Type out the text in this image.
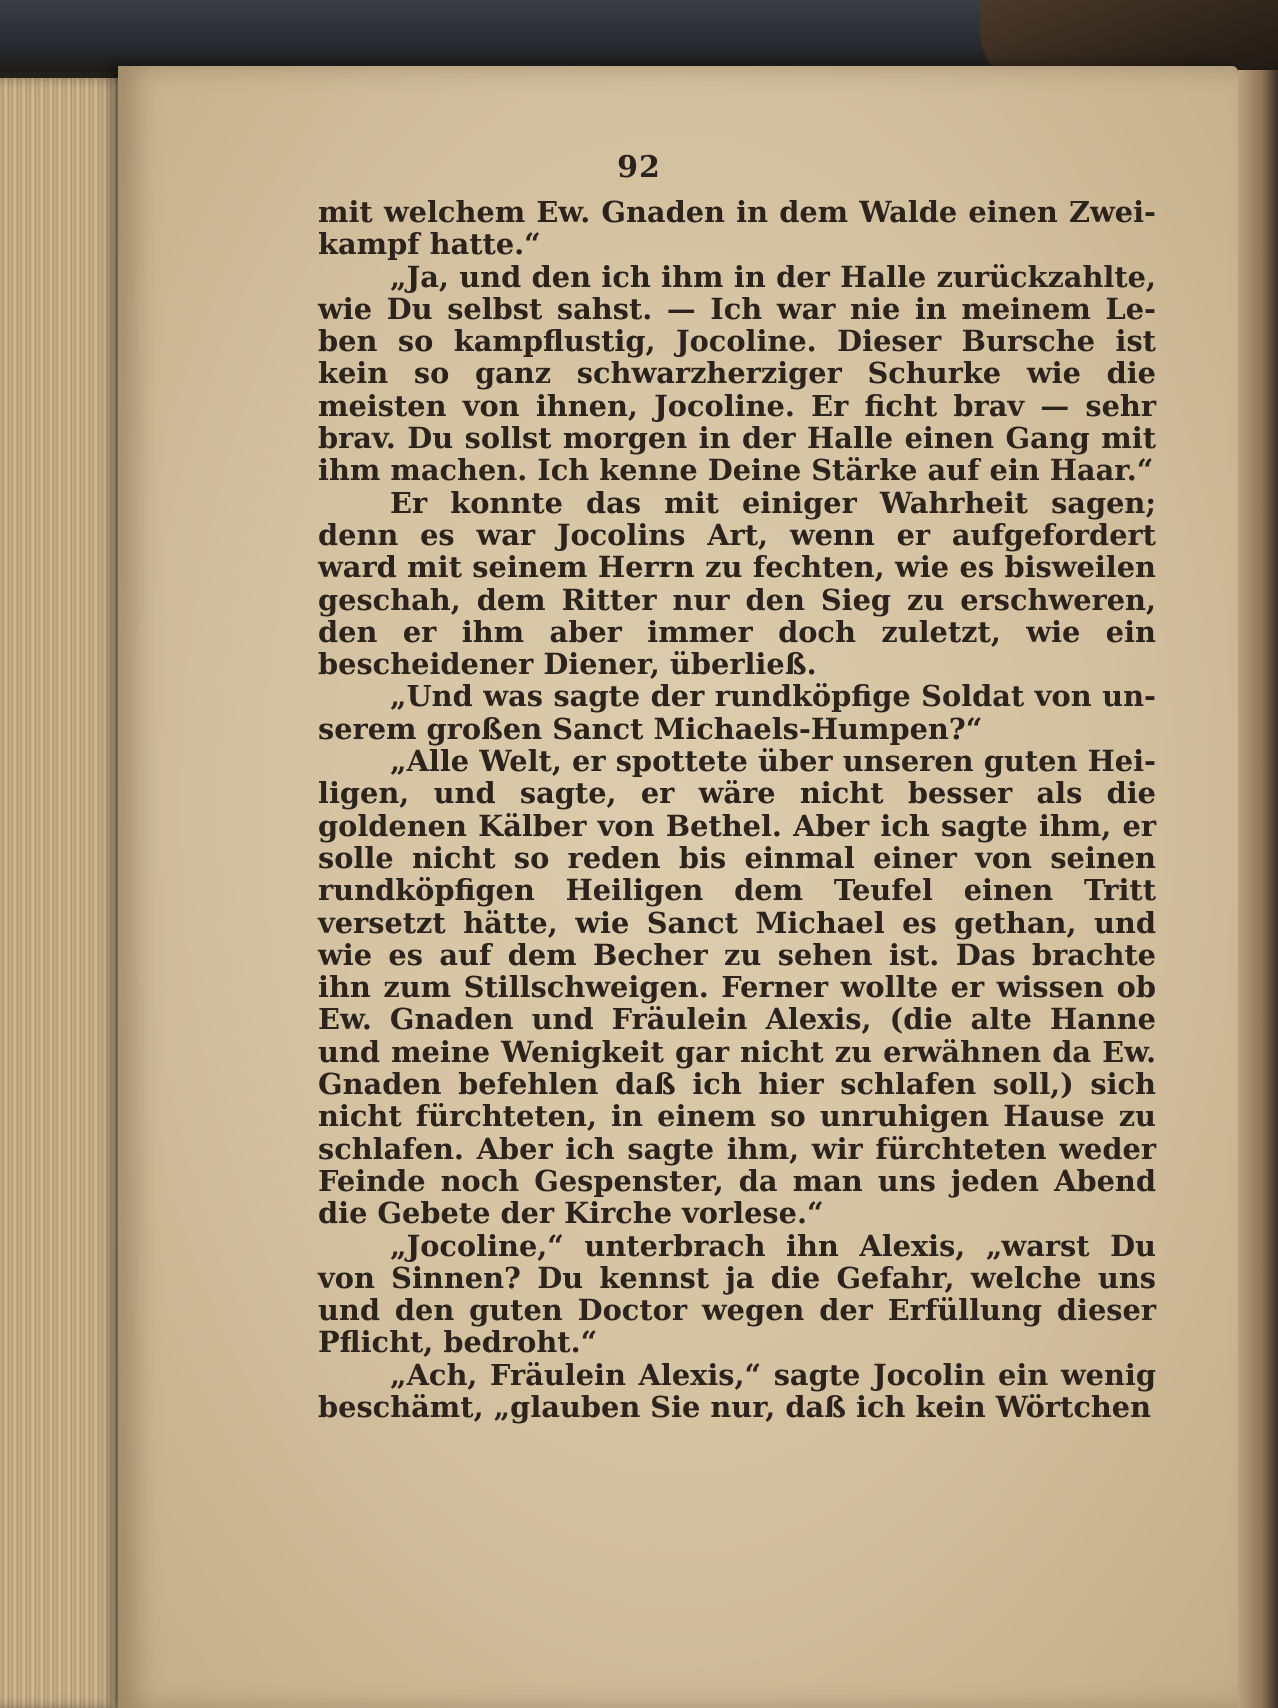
92

mit welchem Ew. Gnaden in dem Walde einen Zweikampf hatte.“

„Ja, und den ich ihm in der Halle zurückzahlte, wie Du selbst sahst. — Ich war nie in meinem Leben so kampflustig, Jocoline. Dieser Bursche ist kein so ganz schwarzherziger Schurke wie die meisten von ihnen, Jocoline. Er ficht brav — sehr brav. Du sollst morgen in der Halle einen Gang mit ihm machen. Ich kenne Deine Stärke auf ein Haar.“

Er konnte das mit einiger Wahrheit sagen; denn es war Jocolins Art, wenn er aufgefordert ward mit seinem Herrn zu fechten, wie es bisweilen geschah, dem Ritter nur den Sieg zu erschweren, den er ihm aber immer doch zuletzt, wie ein bescheidener Diener, überließ.

„Und was sagte der rundköpfige Soldat von unserem großen Sanct Michaels-Humpen?“

„Alle Welt, er spottete über unseren guten Heiligen, und sagte, er wäre nicht besser als die goldenen Kälber von Bethel. Aber ich sagte ihm, er solle nicht so reden bis einmal einer von seinen rundköpfigen Heiligen dem Teufel einen Tritt versetzt hätte, wie Sanct Michael es gethan, und wie es auf dem Becher zu sehen ist. Das brachte ihn zum Stillschweigen. Ferner wollte er wissen ob Ew. Gnaden und Fräulein Alexis, (die alte Hanne und meine Wenigkeit gar nicht zu erwähnen da Ew. Gnaden befehlen daß ich hier schlafen soll,) sich nicht fürchteten, in einem so unruhigen Hause zu schlafen. Aber ich sagte ihm, wir fürchteten weder Feinde noch Gespenster, da man uns jeden Abend die Gebete der Kirche vorlese.“

„Jocoline,“ unterbrach ihn Alexis, „warst Du von Sinnen? Du kennst ja die Gefahr, welche uns und den guten Doctor wegen der Erfüllung dieser Pflicht, bedroht.“

„Ach, Fräulein Alexis,“ sagte Jocolin ein wenig beschämt, „glauben Sie nur, daß ich kein Wörtchen
